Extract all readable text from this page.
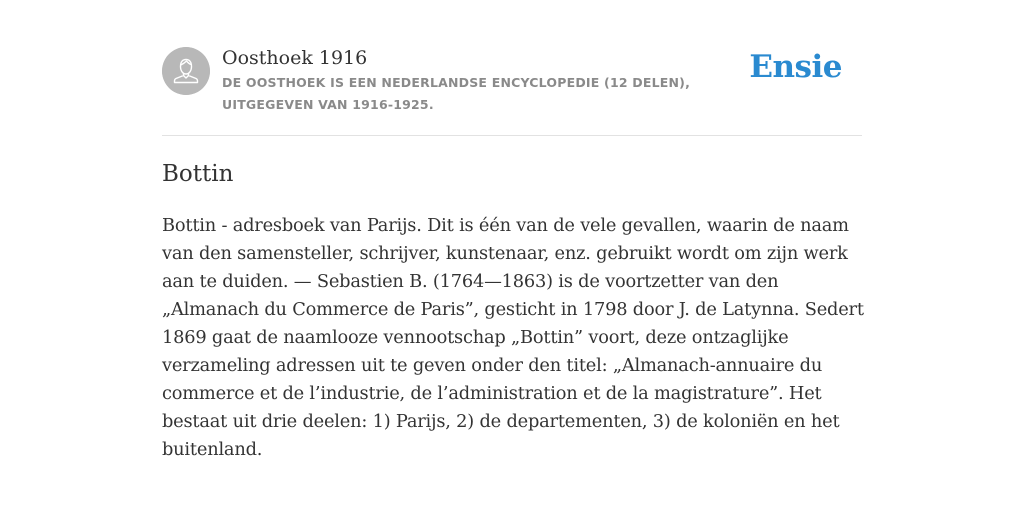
Oosthoek 1916
DE OOSTHOEK IS EEN NEDERLANDSE ENCYCLOPEDIE (12 DELEN), UITGEGEVEN VAN 1916-1925.
Ensie
Bottin

Bottin - adresboek van Parijs. Dit is één van de vele gevallen, waarin de naam van den samensteller, schrijver, kunstenaar, enz. gebruikt wordt om zijn werk aan te duiden. — Sebastien B. (1764—1863) is de voortzetter van den „Almanach du Commerce de Paris”, gesticht in 1798 door J. de Latynna. Sedert 1869 gaat de naamlooze vennootschap „Bottin” voort, deze ontzaglijke verzameling adressen uit te geven onder den titel: „Almanach-annuaire du commerce et de l’industrie, de l’administration et de la magistrature”. Het bestaat uit drie deelen: 1) Parijs, 2) de departementen, 3) de koloniën en het buitenland.
